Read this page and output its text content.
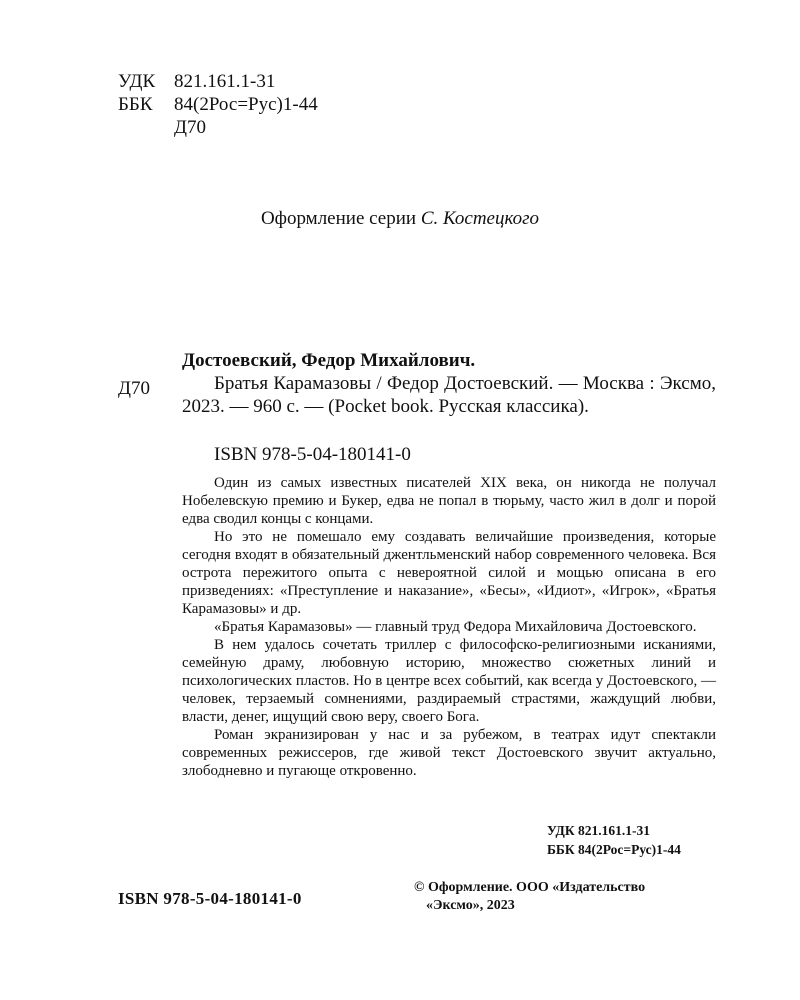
УДК 821.161.1-31
ББК	84(2Рос=Рус)1-44
Д70
Оформление серии С. Костецкого
Достоевский, Федор Михайлович.
Д70	Братья Карамазовы / Федор Достоевский. — Москва : Эксмо, 2023. — 960 с. — (Pocket book. Русская классика).
ISBN 978-5-04-180141-0

Один из самых известных писателей XIX века, он никогда не получал Нобелевскую премию и Букер, едва не попал в тюрьму, часто жил в долг и порой едва сводил концы с концами.

Но это не помешало ему создавать величайшие произведения, которые сегодня входят в обязательный джентльменский набор современного человека. Вся острота пережитого опыта с невероятной силой и мощью описана в его призведениях: «Преступление и наказание», «Бесы», «Идиот», «Игрок», «Братья Карамазовы» и др.

«Братья Карамазовы» — главный труд Федора Михайловича Достоевского.

В нем удалось сочетать триллер с философско-религиозными исканиями, семейную драму, любовную историю, множество сюжетных линий и психологических пластов. Но в центре всех событий, как всегда у Достоевского, — человек, терзаемый сомнениями, раздираемый страстями, жаждущий любви, власти, денег, ищущий свою веру, своего Бога.

Роман экранизирован у нас и за рубежом, в театрах идут спектакли современных режиссеров, где живой текст Достоевского звучит актуально, злободневно и пугающе откровенно.

УДК 821.161.1-31
ББК 84(2Рос=Рус)1-44
ISBN 978-5-04-180141-0
© Оформление. ООО «Издательство
«Эксмо», 2023
